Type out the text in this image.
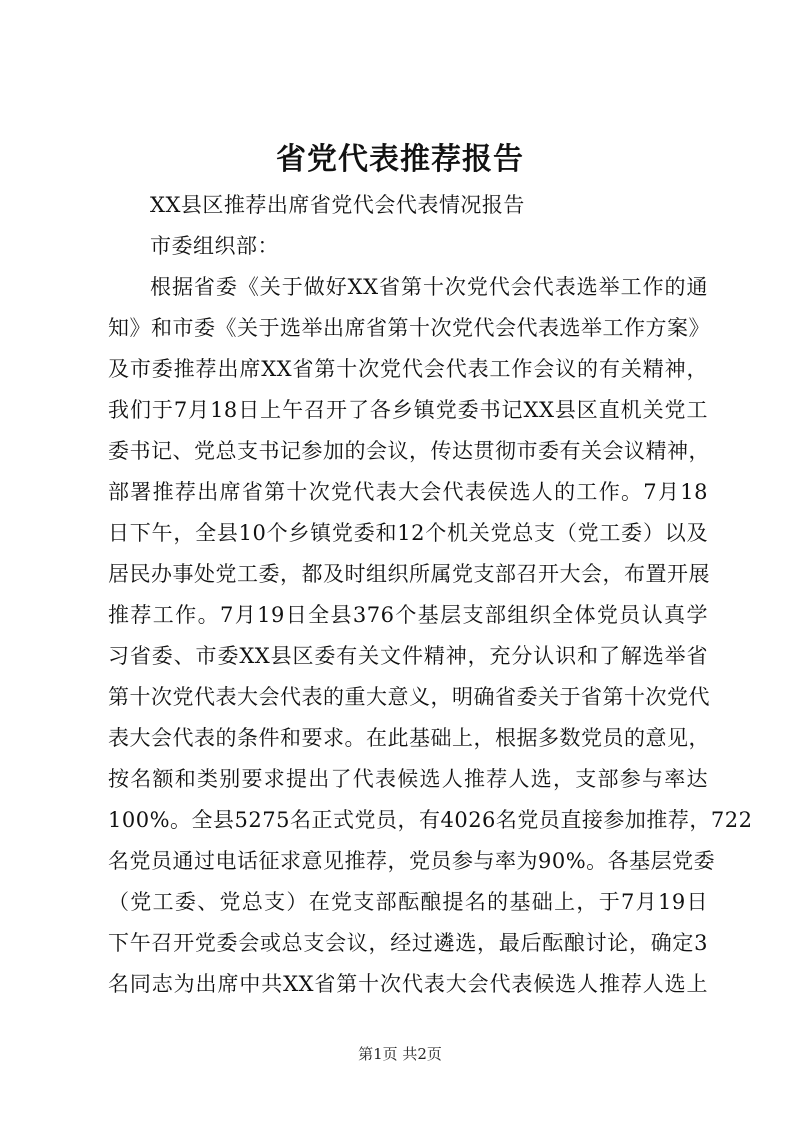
省党代表推荐报告
XX县区推荐出席省党代会代表情况报告
市委组织部：
根据省委《关于做好XX省第十次党代会代表选举工作的通
知》和市委《关于选举出席省第十次党代会代表选举工作方案》
及市委推荐出席XX省第十次党代会代表工作会议的有关精神，
我们于7月18日上午召开了各乡镇党委书记XX县区直机关党工
委书记、党总支书记参加的会议，传达贯彻市委有关会议精神，
部署推荐出席省第十次党代表大会代表侯选人的工作。7月18
日下午，全县10个乡镇党委和12个机关党总支（党工委）以及
居民办事处党工委，都及时组织所属党支部召开大会，布置开展
推荐工作。7月19日全县376个基层支部组织全体党员认真学
习省委、市委XX县区委有关文件精神，充分认识和了解选举省
第十次党代表大会代表的重大意义，明确省委关于省第十次党代
表大会代表的条件和要求。在此基础上，根据多数党员的意见，
按名额和类别要求提出了代表候选人推荐人选，支部参与率达
100%。全县5275名正式党员，有4026名党员直接参加推荐，722
名党员通过电话征求意见推荐，党员参与率为90%。各基层党委
（党工委、党总支）在党支部酝酿提名的基础上，于7月19日
下午召开党委会或总支会议，经过遴选，最后酝酿讨论，确定3
名同志为出席中共XX省第十次代表大会代表候选人推荐人选上
第1页 共2页
